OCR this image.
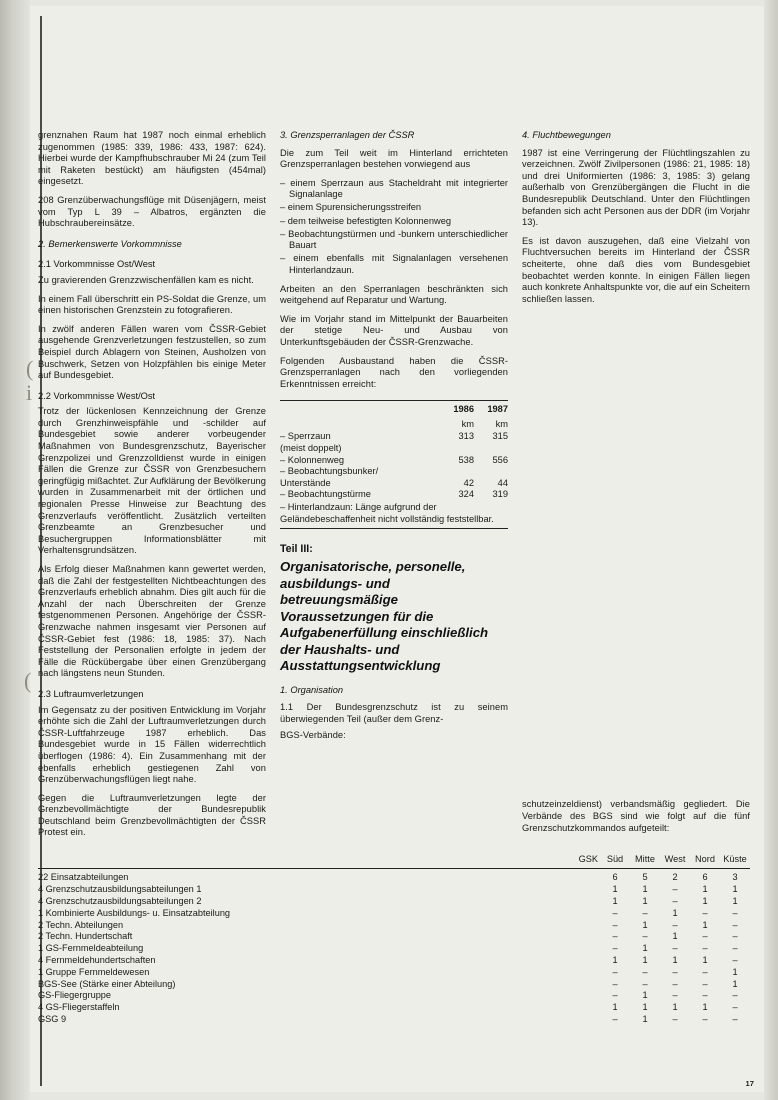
(
i
(

grenznahen Raum hat 1987 noch einmal erheblich zugenommen (1985: 339, 1986: 433, 1987: 624). Hierbei wurde der Kampfhubschrauber Mi 24 (zum Teil mit Raketen bestückt) am häufigsten (454mal) eingesetzt.

208 Grenzüberwachungsflüge mit Düsenjägern, meist vom Typ L 39 – Albatros, ergänzten die Hubschraubereinsätze.

2. Bemerkenswerte Vorkommnisse
2.1 Vorkommnisse Ost/West

Zu gravierenden Grenzzwischenfällen kam es nicht.

In einem Fall überschritt ein PS-Soldat die Grenze, um einen historischen Grenzstein zu fotografieren.

In zwölf anderen Fällen waren vom ČSSR-Gebiet ausgehende Grenzverletzungen festzustellen, so zum Beispiel durch Ablagern von Steinen, Ausholzen von Buschwerk, Setzen von Holzpfählen bis einige Meter auf Bundesgebiet.

2.2 Vorkommnisse West/Ost

Trotz der lückenlosen Kennzeichnung der Grenze durch Grenzhinweispfähle und -schilder auf Bundesgebiet sowie anderer vorbeugender Maßnahmen von Bundesgrenzschutz, Bayerischer Grenzpolizei und Grenzzolldienst wurde in einigen Fällen die Grenze zur ČSSR von Grenzbesuchern geringfügig mißachtet. Zur Aufklärung der Bevölkerung wurden in Zusammenarbeit mit der örtlichen und regionalen Presse Hinweise zur Beachtung des Grenzverlaufs veröffentlicht. Zusätzlich verteilten Grenzbeamte an Grenzbesucher und Besuchergruppen Informationsblätter mit Verhaltensgrundsätzen.

Als Erfolg dieser Maßnahmen kann gewertet werden, daß die Zahl der festgestellten Nichtbeachtungen des Grenzverlaufs erheblich abnahm. Dies gilt auch für die Anzahl der nach Überschreiten der Grenze festgenommenen Personen. Angehörige der ČSSR-Grenzwache nahmen insgesamt vier Personen auf ČSSR-Gebiet fest (1986: 18, 1985: 37). Nach Feststellung der Personalien erfolgte in jedem der Fälle die Rückübergabe über einen Grenzübergang nach längstens neun Stunden.

2.3 Luftraumverletzungen

Im Gegensatz zu der positiven Entwicklung im Vorjahr erhöhte sich die Zahl der Luftraumverletzungen durch ČSSR-Luftfahrzeuge 1987 erheblich. Das Bundesgebiet wurde in 15 Fällen widerrechtlich überflogen (1986: 4). Ein Zusammenhang mit der ebenfalls erheblich gestiegenen Zahl von Grenzüberwachungsflügen liegt nahe.

Gegen die Luftraumverletzungen legte der Grenzbevollmächtigte der Bundesrepublik Deutschland beim Grenzbevollmächtigten der ČSSR Protest ein.

3. Grenzsperranlagen der ČSSR

Die zum Teil weit im Hinterland errichteten Grenzsperranlagen bestehen vorwiegend aus

– einem Sperrzaun aus Stacheldraht mit integrierter Signalanlage
– einem Spurensicherungsstreifen
– dem teilweise befestigten Kolonnenweg
– Beobachtungstürmen und -bunkern unterschiedlicher Bauart
– einem ebenfalls mit Signalanlagen versehenen Hinterlandzaun.

Arbeiten an den Sperranlagen beschränkten sich weitgehend auf Reparatur und Wartung.

Wie im Vorjahr stand im Mittelpunkt der Bauarbeiten der stetige Neu- und Ausbau von Unterkunftsgebäuden der ČSSR-Grenzwache.

Folgenden Ausbaustand haben die ČSSR-Grenzsperranlagen nach den vorliegenden Erkenntnissen erreicht:

	1986	1987
	km	km
– Sperrzaun	313	315
(meist doppelt)		
– Kolonnenweg	538	556
– Beobachtungsbunker/		
Unterstände	42	44
– Beobachtungstürme	324	319
– Hinterlandzaun: Länge aufgrund der Geländebeschaffenheit nicht vollständig feststellbar.
Teil III:
Organisatorische, personelle, ausbildungs- und betreuungsmäßige Voraussetzungen für die Aufgabenerfüllung einschließlich der Haushalts- und Ausstattungsentwicklung
1. Organisation

1.1 Der Bundesgrenzschutz ist zu seinem überwiegenden Teil (außer dem Grenz-

BGS-Verbände:

4. Fluchtbewegungen

1987 ist eine Verringerung der Flüchtlingszahlen zu verzeichnen. Zwölf Zivilpersonen (1986: 21, 1985: 18) und drei Uniformierten (1986: 3, 1985: 3) gelang außerhalb von Grenzübergängen die Flucht in die Bundesrepublik Deutschland. Unter den Flüchtlingen befanden sich acht Personen aus der DDR (im Vorjahr 13).

Es ist davon auszugehen, daß eine Vielzahl von Fluchtversuchen bereits im Hinterland der ČSSR scheiterte, ohne daß dies vom Bundesgebiet beobachtet werden konnte. In einigen Fällen liegen auch konkrete Anhaltspunkte vor, die auf ein Scheitern schließen lassen.

schutzeinzeldienst) verbandsmäßig gegliedert. Die Verbände des BGS sind wie folgt auf die fünf Grenzschutzkommandos aufgeteilt:

	GSK	Süd	Mitte	West	Nord	Küste
22 Einsatzabteilungen		6	5	2	6	3
4 Grenzschutzausbildungsabteilungen 1		1	1	–	1	1
4 Grenzschutzausbildungsabteilungen 2		1	1	–	1	1
1 Kombinierte Ausbildungs- u. Einsatzabteilung		–	–	1	–	–
2 Techn. Abteilungen		–	1	–	1	–
2 Techn. Hundertschaft		–	–	1	–	–
1 GS-Fernmeldeabteilung		–	1	–	–	–
4 Fernmeldehundertschaften		1	1	1	1	–
1 Gruppe Fernmeldewesen		–	–	–	–	1
BGS-See (Stärke einer Abteilung)		–	–	–	–	1
GS-Fliegergruppe		–	1	–	–	–
4 GS-Fliegerstaffeln		1	1	1	1	–
GSG 9		–	1	–	–	–
17
